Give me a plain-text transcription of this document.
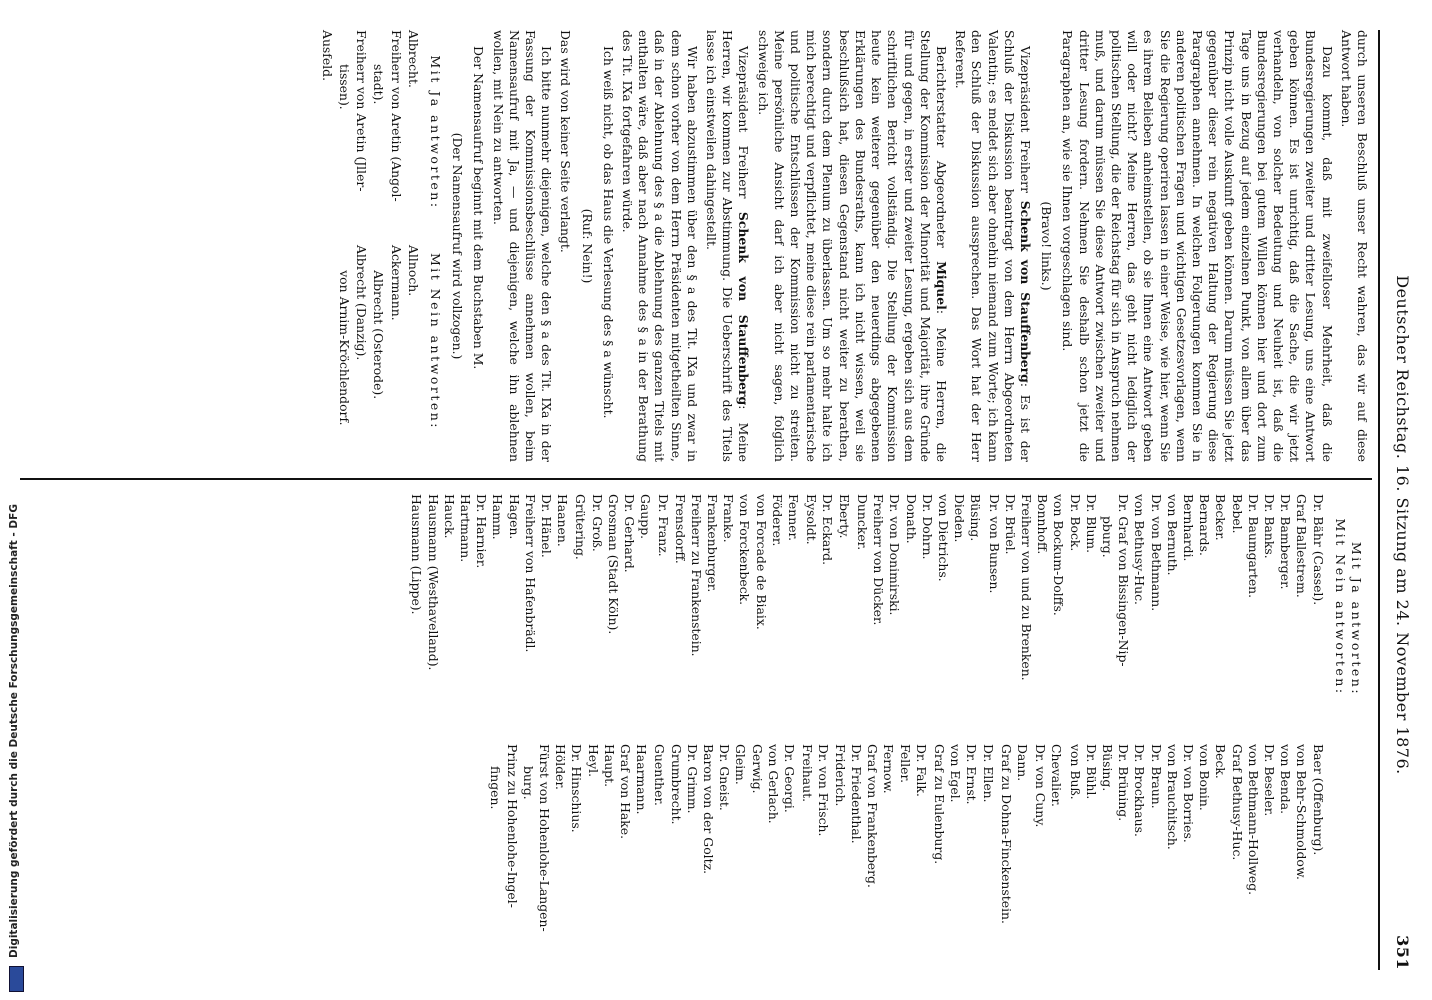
Deutscher Reichstag. 16. Sitzung am 24. November 1876.
351

durch unseren Beschluß unser Recht wahren, das wir auf diese Antwort haben.

Dazu kommt, daß mit zweifelloser Mehrheit, daß die Bundesregierungen zweiter und dritter Lesung, uns eine Antwort geben können. Es ist unrichtig, daß die Sache, die wir jetzt verhandeln, von solcher Bedeutung und Neuheit ist, daß die Bundesregierungen bei gutem Willen können hier und dort zum Tage uns in Bezug auf jedem einzelnen Punkt, von allem über das Prinzip nicht volle Auskunft geben können. Darum müssen Sie jetzt gegenüber dieser rein negativen Haltung der Regierung diese Paragraphen annehmen. In welchen Folgerungen kommen Sie in anderen politischen Fragen und wichtigen Gesetzesvorlagen, wenn Sie die Regierung operiren lassen in einer Weise, wie hier, wenn Sie es ihrem Belieben anheimstellen, ob sie Ihnen eine Antwort geben will oder nicht? Meine Herren, das geht nicht lediglich der politischen Stellung, die der Reichstag für sich in Anspruch nehmen muß, und darum müssen Sie diese Antwort zwischen zweiter und dritter Lesung fordern. Nehmen Sie deshalb schon jetzt die Paragraphen an, wie sie Ihnen vorgeschlagen sind.

(Bravo! links.)

Vizepräsident Freiherr Schenk von Stauffenberg: Es ist der Schluß der Diskussion beantragt von dem Herrn Abgeordneten Valentin; es meldet sich aber ohnehin niemand zum Worte; ich kann den Schluß der Diskussion aussprechen. Das Wort hat der Herr Referent.

Berichterstatter Abgeordneter Miquel: Meine Herren, die Stellung der Kommission der Minorität und Majorität, ihre Gründe für und gegen, in erster und zweiter Lesung, ergeben sich aus dem schriftlichen Bericht vollständig. Die Stellung der Kommission heute kein weiterer gegenüber den neuerdings abgegebenen Erklärungen des Bundesraths, kann ich nicht wissen, weil sie beschlußsich hat, diesen Gegenstand nicht weiter zu berathen, sondern durch dem Plenum zu überlassen. Um so mehr halte ich mich berechtigt und verpflichtet, meine diese rein parlamentarische und politische Entschlüssen der Kommission nicht zu streiten. Meine persönliche Ansicht darf ich aber nicht sagen, folglich schweige ich.

Vizepräsident Freiherr Schenk von Stauffenberg: Meine Herren, wir kommen zur Abstimmung. Die Ueberschrift des Titels lasse ich einstweilen dahingestellt.

Wir haben abzustimmen über den § a des Tit. IXa und zwar in dem schon vorher von dem Herrn Präsidenten mitgetheilten Sinne, daß in der Ablehnung des § a die Ablehnung des ganzen Titels mit enthalten wäre, daß aber nach Annahme des § a in der Berathung des Tit. IXa fortgefahren würde.

Ich weiß nicht, ob das Haus die Verlesung des § a wünscht.

(Ruf: Nein!)

Das wird von keiner Seite verlangt.

Ich bitte nunmehr diejenigen, welche den § a des Tit. IXa in der Fassung der Kommissionsbeschlüsse annehmen wollen, beim Namensaufruf mit Ja, — und diejenigen, welche ihn ablehnen wollen, mit Nein zu antworten.

Der Namensaufruf beginnt mit dem Buchstaben M.

(Der Namensaufruf wird vollzogen.)

Mit Ja antworten: Mit Nein antworten:
Albrecht.
Allnoch.
Freiherr von Aretin (Angol-
Ackermann.
stadt).
Albrecht (Osterode).
Freiherr von Aretin (Jller-
Albrecht (Danzig).
tissen).
von Arnim-Kröchlendorf.
Ausfeld.
Mit Ja antworten: Mit Nein antworten:
Dr. Bähr (Cassel).
Graf Ballestrem.
Dr. Bamberger.
Dr. Banks.
Dr. Baumgarten.
Bebel.
Becker.
Bernards.
Bernhardi.
von Bernuth.
Dr. von Bethmann.
von Bethusy-Huc.
Dr. Graf von Bissingen-Nip-
pburg.
Dr. Blum.
Dr. Bock.
von Bockum-Dolffs.
Bonnhoff.
Freiherr von und zu Brenken.
Dr. Brüel.
Dr. von Bunsen.
Büsing.
Dieden.
von Dietrichs.
Dr. Dohrn.
Donath.
Dr. von Donimirski.
Freiherr von Dücker.
Duncker.
Eberty.
Dr. Eckard.
Eysoldt.
Fenner.
Föderer.
von Forcade de Biaix.
von Forckenbeck.
Franke.
Frankenburger.
Freiherr zu Frankenstein.
Frensdorff.
Dr. Franz.
Gaupp.
Dr. Gerhard.
Grosman (Stadt Köln).
Dr. Groß.
Grütering.
Haanen.
Dr. Hänel.
Freiherr von Hafenbrädl.
Hagen.
Hamm.
Dr. Harnier.
Hartmann.
Hauck.
Hausmann (Westhavelland).
Hausmann (Lippe).
Baer (Offenburg).
von Behr-Schmoldow.
von Benda.
Dr. Beseler.
von Bethmann-Hollweg.
Graf Bethusy-Huc.
Beck.
von Bonin.
Dr. von Borries.
von Brauchitsch.
Dr. Braun.
Dr. Brockhaus.
Dr. Brüning.
Büsing.
Dr. Bühl.
von Buß.
Chevalier.
Dr. von Cuny.
Dann.
Graf zu Dohna-Finckenstein.
Dr. Ellen.
Dr. Ernst.
von Egel.
Graf zu Eulenburg.
Dr. Falk.
Feller.
Fernow.
Graf von Frankenberg.
Dr. Friedenthal.
Friderich.
Dr. von Frisch.
Freihaut.
Dr. Georgi.
von Gerlach.
Gerwig.
Gleim.
Dr. Gneist.
Baron von der Goltz.
Dr. Grimm.
Grumbrecht.
Guenther.
Haarmann.
Graf von Hake.
Haupt.
Heyl.
Dr. Hinschius.
Hölder.
Fürst von Hohenlohe-Langen-
burg.
Prinz zu Hohenlohe-Ingel-
fingen.
Digitalisierung gefördert durch die Deutsche Forschungsgemeinschaft - DFG
